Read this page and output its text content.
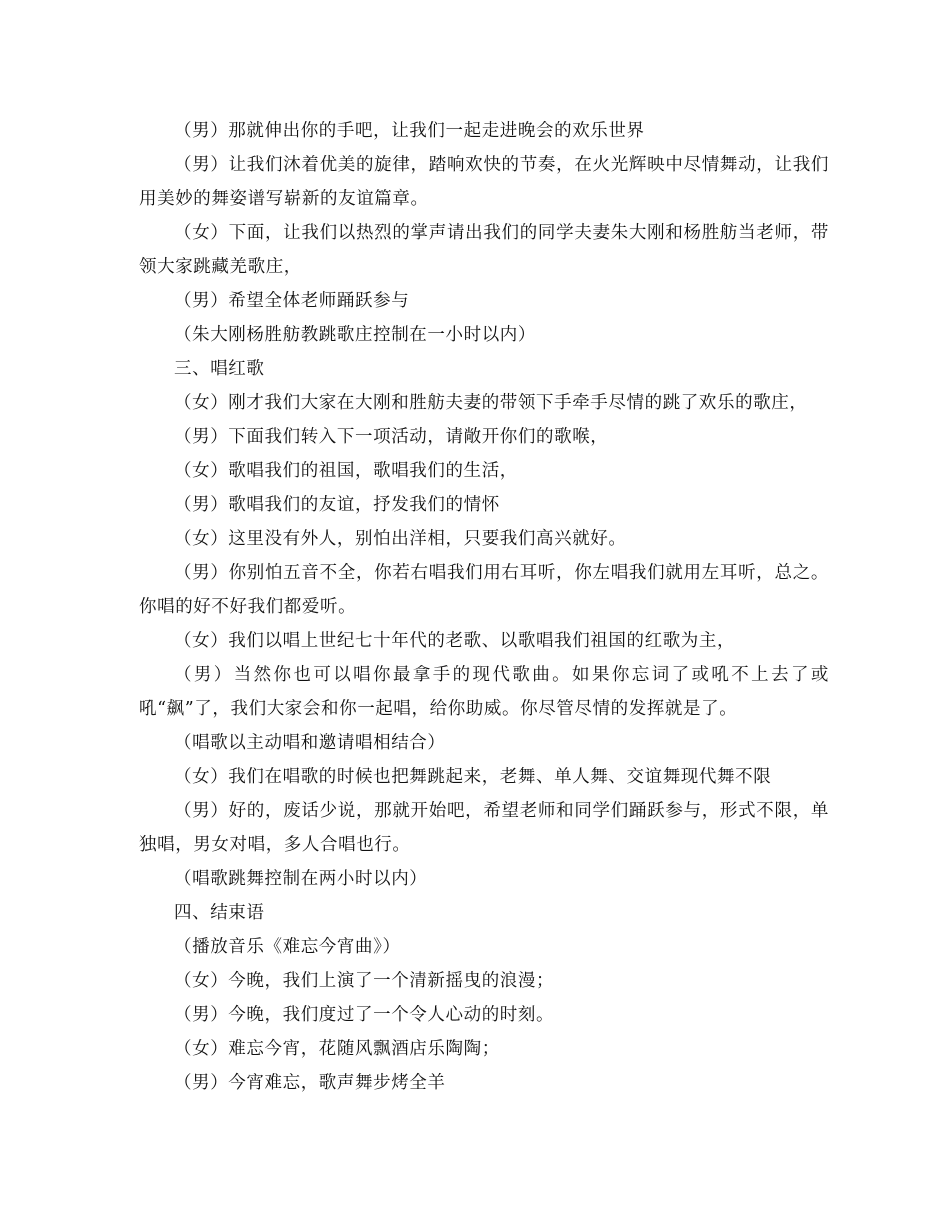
（男）那就伸出你的手吧，让我们一起走进晚会的欢乐世界

（男）让我们沐着优美的旋律，踏响欢快的节奏，在火光辉映中尽情舞动，让我们用美妙的舞姿谱写崭新的友谊篇章。

（女）下面，让我们以热烈的掌声请出我们的同学夫妻朱大刚和杨胜舫当老师，带领大家跳藏羌歌庄，

（男）希望全体老师踊跃参与

（朱大刚杨胜舫教跳歌庄控制在一小时以内）

三、唱红歌

（女）刚才我们大家在大刚和胜舫夫妻的带领下手牵手尽情的跳了欢乐的歌庄，

（男）下面我们转入下一项活动，请敞开你们的歌喉，

（女）歌唱我们的祖国，歌唱我们的生活，

（男）歌唱我们的友谊，抒发我们的情怀

（女）这里没有外人，别怕出洋相，只要我们高兴就好。

（男）你别怕五音不全，你若右唱我们用右耳听，你左唱我们就用左耳听，总之。你唱的好不好我们都爱听。

（女）我们以唱上世纪七十年代的老歌、以歌唱我们祖国的红歌为主，

（男）当然你也可以唱你最拿手的现代歌曲。如果你忘词了或吼不上去了或吼“飙”了，我们大家会和你一起唱，给你助威。你尽管尽情的发挥就是了。

（唱歌以主动唱和邀请唱相结合）

（女）我们在唱歌的时候也把舞跳起来，老舞、单人舞、交谊舞现代舞不限

（男）好的，废话少说，那就开始吧，希望老师和同学们踊跃参与，形式不限，单独唱，男女对唱，多人合唱也行。

（唱歌跳舞控制在两小时以内）

四、结束语

（播放音乐《难忘今宵曲》）

（女）今晚，我们上演了一个清新摇曳的浪漫；

（男）今晚，我们度过了一个令人心动的时刻。

（女）难忘今宵，花随风飘酒店乐陶陶；

（男）今宵难忘，歌声舞步烤全羊
